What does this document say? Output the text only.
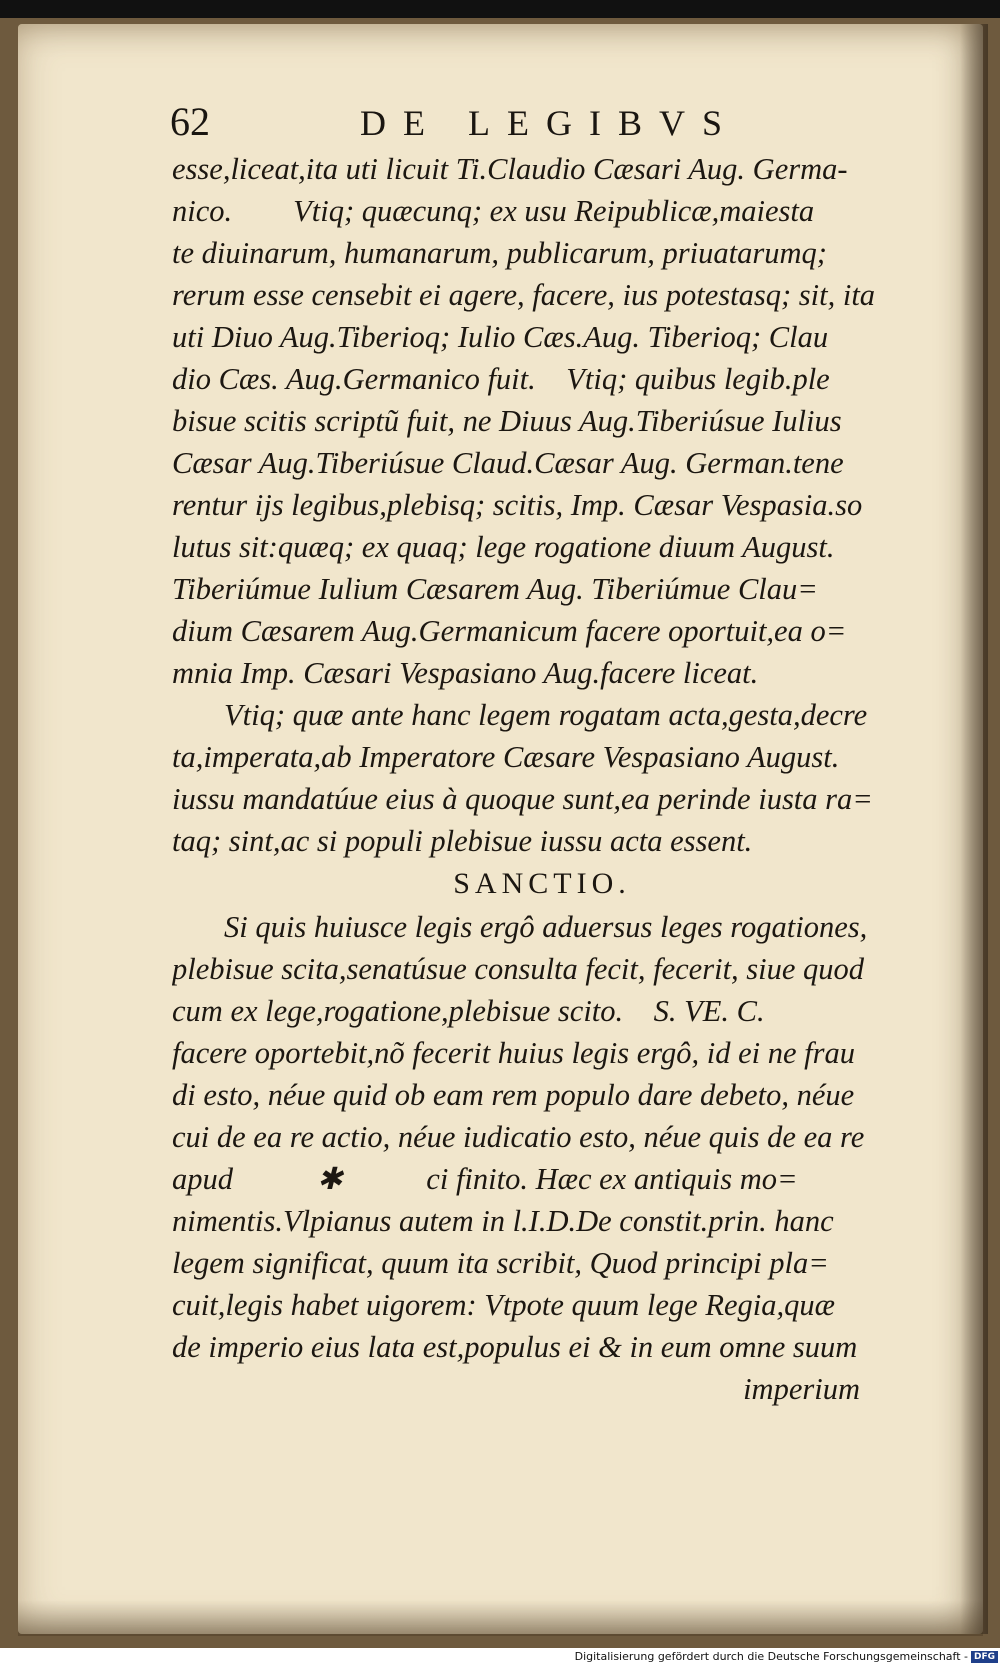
62	DE LEGIBVS
esse,liceat,ita uti licuit Ti.Claudio Cæsari Aug. Germa-
nico.        Vtiq; quæcunq; ex usu Reipublicæ,maiesta
te diuinarum, humanarum, publicarum, priuatarumq;
rerum esse censebit ei agere, facere, ius potestasq; sit, ita
uti Diuo Aug.Tiberioq; Iulio Cæs.Aug. Tiberioq; Clau
dio Cæs. Aug.Germanico fuit.    Vtiq; quibus legib.ple
bisue scitis scriptũ fuit, ne Diuus Aug.Tiberiúsue Iulius
Cæsar Aug.Tiberiúsue Claud.Cæsar Aug. German.tene
rentur ijs legibus,plebisq; scitis, Imp. Cæsar Vespasia.so
lutus sit:quæq; ex quaq; lege rogatione diuum August.
Tiberiúmue Iulium Cæsarem Aug. Tiberiúmue Clau=
dium Cæsarem Aug.Germanicum facere oportuit,ea o=
mnia Imp. Cæsari Vespasiano Aug.facere liceat.
Vtiq; quæ ante hanc legem rogatam acta,gesta,decre
ta,imperata,ab Imperatore Cæsare Vespasiano August.
iussu mandatúue eius à quoque sunt,ea perinde iusta ra=
taq; sint,ac si populi plebisue iussu acta essent.
SANCTIO.
Si quis huiusce legis ergô aduersus leges rogationes,
plebisue scita,senatúsue consulta fecit, fecerit, siue quod
cum ex lege,rogatione,plebisue scito.    S. VE. C.
facere oportebit,nõ fecerit huius legis ergô, id ei ne frau
di esto, néue quid ob eam rem populo dare debeto, néue
cui de ea re actio, néue iudicatio esto, néue quis de ea re
apud           ✱           ci finito. Hæc ex antiquis mo=
nimentis.Vlpianus autem in l.I.D.De constit.prin. hanc
legem significat, quum ita scribit, Quod principi pla=
cuit,legis habet uigorem: Vtpote quum lege Regia,quæ
de imperio eius lata est,populus ei & in eum omne suum
imperium
Digitalisierung gefördert durch die Deutsche Forschungsgemeinschaft - DFG
